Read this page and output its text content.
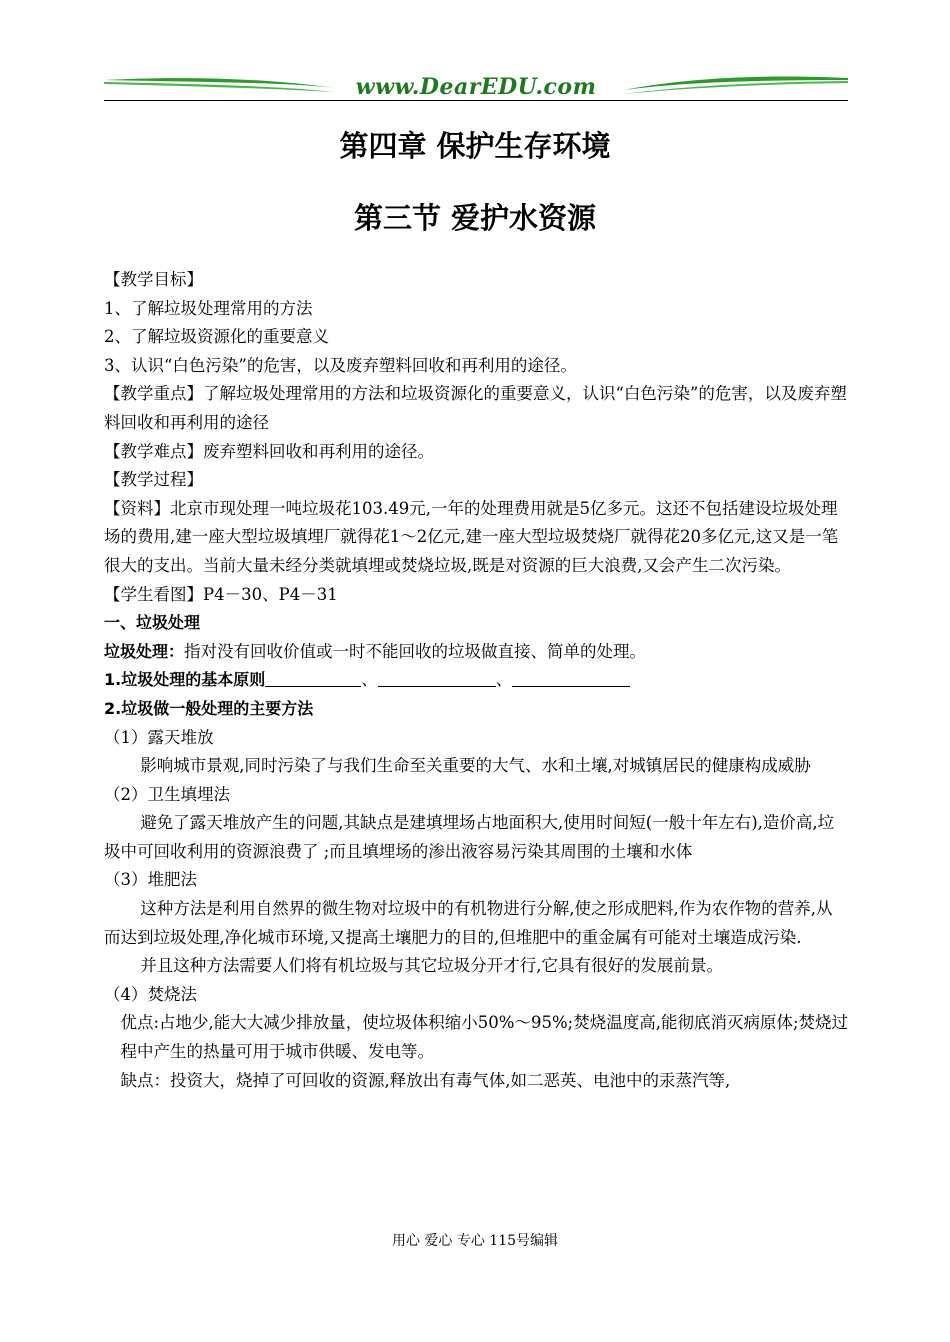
www.DearEDU.com
第四章 保护生存环境
第三节 爱护水资源

【教学目标】

1、了解垃圾处理常用的方法

2、了解垃圾资源化的重要意义

3、认识“白色污染”的危害，以及废弃塑料回收和再利用的途径。

【教学重点】了解垃圾处理常用的方法和垃圾资源化的重要意义，认识“白色污染”的危害，以及废弃塑料回收和再利用的途径

【教学难点】废弃塑料回收和再利用的途径。

【教学过程】

【资料】北京市现处理一吨垃圾花103.49元,一年的处理费用就是5亿多元。这还不包括建设垃圾处理场的费用,建一座大型垃圾填埋厂就得花1～2亿元,建一座大型垃圾焚烧厂就得花20多亿元,这又是一笔很大的支出。当前大量未经分类就填埋或焚烧垃圾,既是对资源的巨大浪费,又会产生二次污染。

【学生看图】P4－30、P4－31

一、垃圾处理

垃圾处理：指对没有回收价值或一时不能回收的垃圾做直接、简单的处理。

1.垃圾处理的基本原则	、	、

2.垃圾做一般处理的主要方法

（1）露天堆放

影响城市景观,同时污染了与我们生命至关重要的大气、水和土壤,对城镇居民的健康构成威胁

（2）卫生填埋法

避免了露天堆放产生的问题,其缺点是建填埋场占地面积大,使用时间短(一般十年左右),造价高,垃圾中可回收利用的资源浪费了 ;而且填埋场的渗出液容易污染其周围的土壤和水体

（3）堆肥法

这种方法是利用自然界的微生物对垃圾中的有机物进行分解,使之形成肥料,作为农作物的营养,从而达到垃圾处理,净化城市环境,又提高土壤肥力的目的,但堆肥中的重金属有可能对土壤造成污染.

并且这种方法需要人们将有机垃圾与其它垃圾分开才行,它具有很好的发展前景。

（4）焚烧法

优点:占地少,能大大减少排放量，使垃圾体积缩小50%～95%;焚烧温度高,能彻底消灭病原体;焚烧过程中产生的热量可用于城市供暖、发电等。

缺点：投资大，烧掉了可回收的资源,释放出有毒气体,如二恶英、电池中的汞蒸汽等,

用心 爱心 专心 115号编辑
